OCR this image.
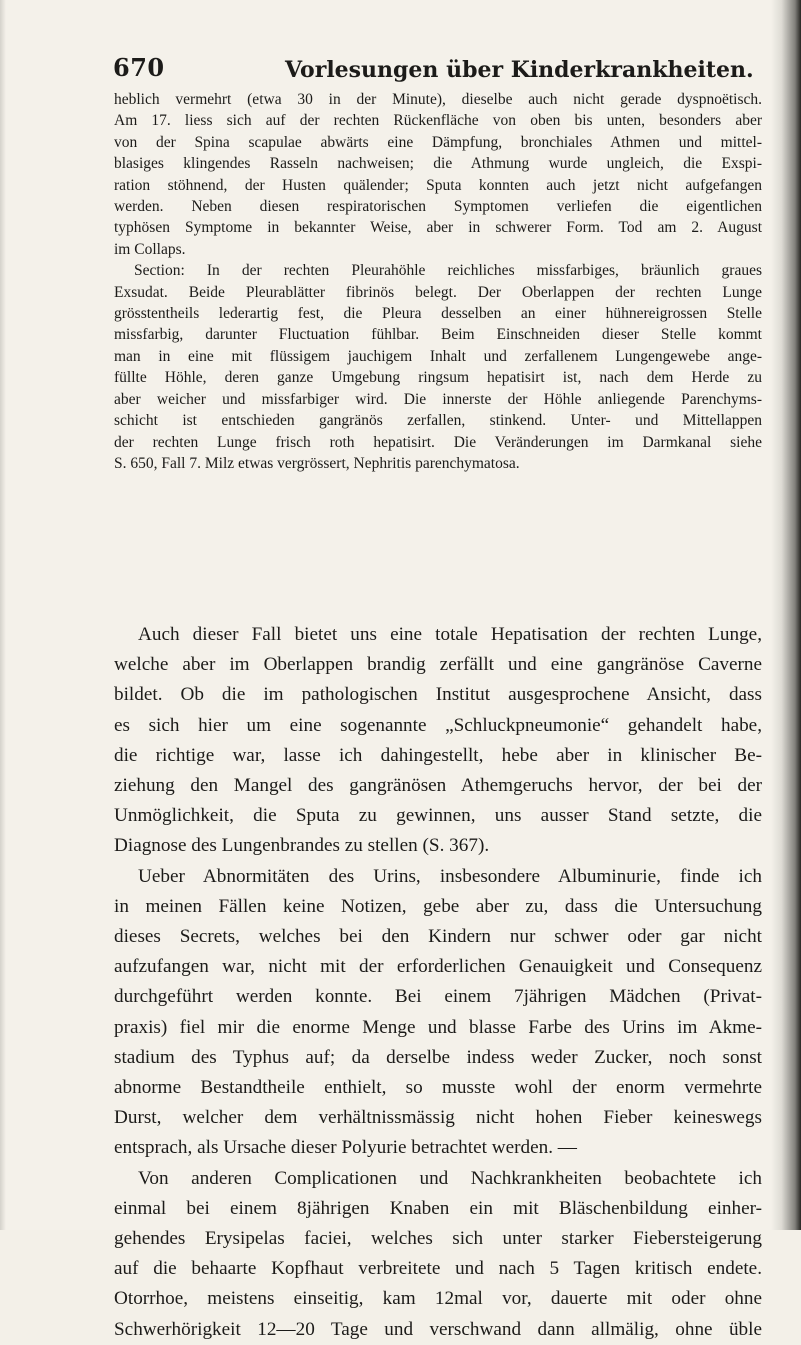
670	Vorlesungen über Kinderkrankheiten.
heblich vermehrt (etwa 30 in der Minute), dieselbe auch nicht gerade dyspnoëtisch.
Am 17. liess sich auf der rechten Rückenfläche von oben bis unten, besonders aber
von der Spina scapulae abwärts eine Dämpfung, bronchiales Athmen und mittel-
blasiges klingendes Rasseln nachweisen; die Athmung wurde ungleich, die Exspi-
ration stöhnend, der Husten quälender; Sputa konnten auch jetzt nicht aufgefangen
werden. Neben diesen respiratorischen Symptomen verliefen die eigentlichen
typhösen Symptome in bekannter Weise, aber in schwerer Form. Tod am 2. August
im Collaps.
Section: In der rechten Pleurahöhle reichliches missfarbiges, bräunlich graues
Exsudat. Beide Pleurablätter fibrinös belegt. Der Oberlappen der rechten Lunge
grösstentheils lederartig fest, die Pleura desselben an einer hühnereigrossen Stelle
missfarbig, darunter Fluctuation fühlbar. Beim Einschneiden dieser Stelle kommt
man in eine mit flüssigem jauchigem Inhalt und zerfallenem Lungengewebe ange-
füllte Höhle, deren ganze Umgebung ringsum hepatisirt ist, nach dem Herde zu
aber weicher und missfarbiger wird. Die innerste der Höhle anliegende Parenchyms-
schicht ist entschieden gangränös zerfallen, stinkend. Unter- und Mittellappen
der rechten Lunge frisch roth hepatisirt. Die Veränderungen im Darmkanal siehe
S. 650, Fall 7. Milz etwas vergrössert, Nephritis parenchymatosa.
Auch dieser Fall bietet uns eine totale Hepatisation der rechten Lunge,
welche aber im Oberlappen brandig zerfällt und eine gangränöse Caverne
bildet. Ob die im pathologischen Institut ausgesprochene Ansicht, dass
es sich hier um eine sogenannte „Schluckpneumonie“ gehandelt habe,
die richtige war, lasse ich dahingestellt, hebe aber in klinischer Be-
ziehung den Mangel des gangränösen Athemgeruchs hervor, der bei der
Unmöglichkeit, die Sputa zu gewinnen, uns ausser Stand setzte, die
Diagnose des Lungenbrandes zu stellen (S. 367).
Ueber Abnormitäten des Urins, insbesondere Albuminurie, finde ich
in meinen Fällen keine Notizen, gebe aber zu, dass die Untersuchung
dieses Secrets, welches bei den Kindern nur schwer oder gar nicht
aufzufangen war, nicht mit der erforderlichen Genauigkeit und Consequenz
durchgeführt werden konnte. Bei einem 7jährigen Mädchen (Privat-
praxis) fiel mir die enorme Menge und blasse Farbe des Urins im Akme-
stadium des Typhus auf; da derselbe indess weder Zucker, noch sonst
abnorme Bestandtheile enthielt, so musste wohl der enorm vermehrte
Durst, welcher dem verhältnissmässig nicht hohen Fieber keineswegs
entsprach, als Ursache dieser Polyurie betrachtet werden. —
Von anderen Complicationen und Nachkrankheiten beobachtete ich
einmal bei einem 8jährigen Knaben ein mit Bläschenbildung einher-
gehendes Erysipelas faciei, welches sich unter starker Fiebersteigerung
auf die behaarte Kopfhaut verbreitete und nach 5 Tagen kritisch endete.
Otorrhoe, meistens einseitig, kam 12mal vor, dauerte mit oder ohne
Schwerhörigkeit 12—20 Tage und verschwand dann allmälig, ohne üble
